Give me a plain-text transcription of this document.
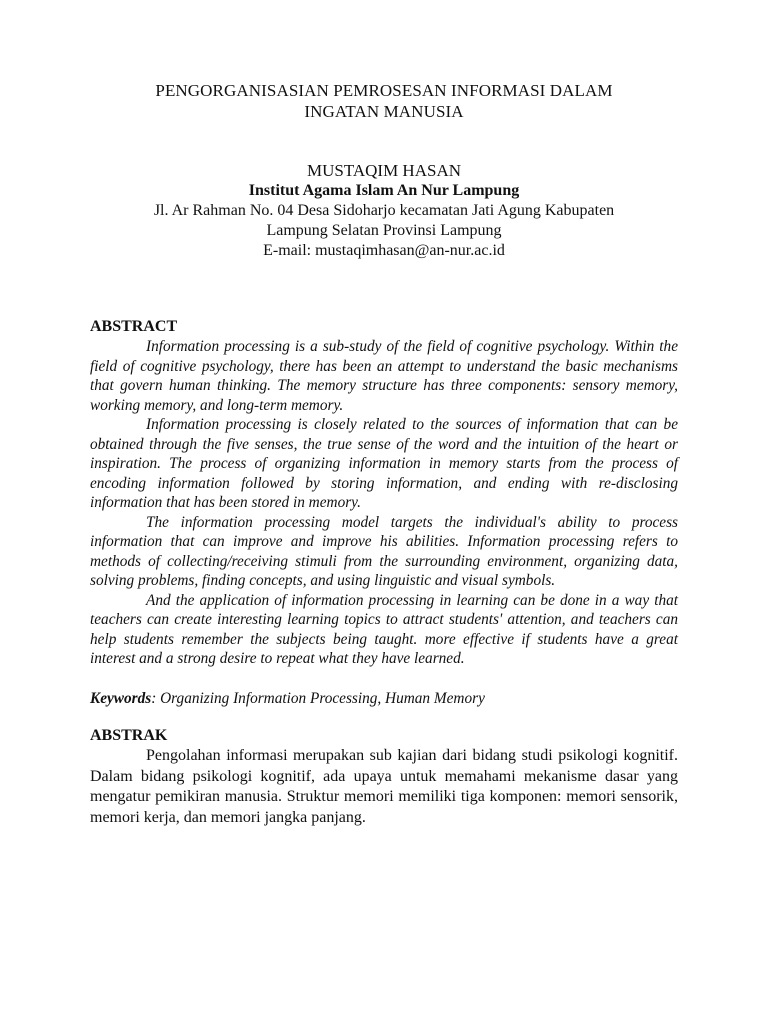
PENGORGANISASIAN PEMROSESAN INFORMASI DALAM
INGATAN MANUSIA

MUSTAQIM HASAN

Institut Agama Islam An Nur Lampung

Jl. Ar Rahman No. 04 Desa Sidoharjo kecamatan Jati Agung Kabupaten

Lampung Selatan Provinsi Lampung

E-mail: mustaqimhasan@an-nur.ac.id

ABSTRACT

Information processing is a sub-study of the field of cognitive psychology. Within the field of cognitive psychology, there has been an attempt to understand the basic mechanisms that govern human thinking. The memory structure has three components: sensory memory, working memory, and long-term memory.

Information processing is closely related to the sources of information that can be obtained through the five senses, the true sense of the word and the intuition of the heart or inspiration. The process of organizing information in memory starts from the process of encoding information followed by storing information, and ending with re-disclosing information that has been stored in memory.

The information processing model targets the individual's ability to process information that can improve and improve his abilities. Information processing refers to methods of collecting/receiving stimuli from the surrounding environment, organizing data, solving problems, finding concepts, and using linguistic and visual symbols.

And the application of information processing in learning can be done in a way that teachers can create interesting learning topics to attract students' attention, and teachers can help students remember the subjects being taught. more effective if students have a great interest and a strong desire to repeat what they have learned.

Keywords: Organizing Information Processing, Human Memory

ABSTRAK

Pengolahan informasi merupakan sub kajian dari bidang studi psikologi kognitif. Dalam bidang psikologi kognitif, ada upaya untuk memahami mekanisme dasar yang mengatur pemikiran manusia. Struktur memori memiliki tiga komponen: memori sensorik, memori kerja, dan memori jangka panjang.
